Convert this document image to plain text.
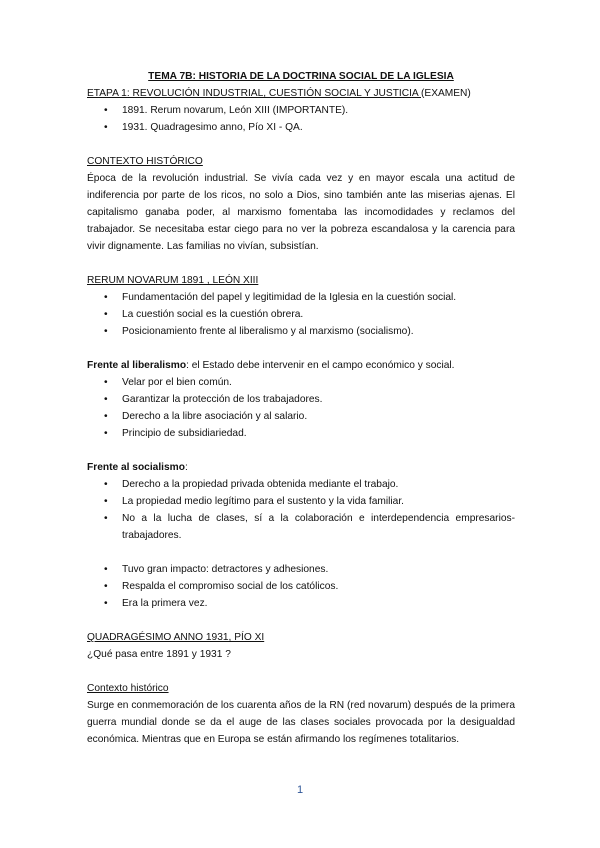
TEMA 7B: HISTORIA DE LA DOCTRINA SOCIAL DE LA IGLESIA

ETAPA 1: REVOLUCIÓN INDUSTRIAL, CUESTIÓN SOCIAL Y JUSTICIA (EXAMEN)

• 1891. Rerum novarum, León XIII (IMPORTANTE).
• 1931. Quadragesimo anno, Pío XI - QA.

CONTEXTO HISTÓRICO

Época de la revolución industrial. Se vivía cada vez y en mayor escala una actitud de indiferencia por parte de los ricos, no solo a Dios, sino también ante las miserias ajenas. El capitalismo ganaba poder, al marxismo fomentaba las incomodidades y reclamos del trabajador. Se necesitaba estar ciego para no ver la pobreza escandalosa y la carencia para vivir dignamente. Las familias no vivían, subsistían.

RERUM NOVARUM 1891 , LEÓN XIII

• Fundamentación del papel y legitimidad de la Iglesia en la cuestión social.
• La cuestión social es la cuestión obrera.
• Posicionamiento frente al liberalismo y al marxismo (socialismo).

Frente al liberalismo: el Estado debe intervenir en el campo económico y social.

• Velar por el bien común.
• Garantizar la protección de los trabajadores.
• Derecho a la libre asociación y al salario.
• Principio de subsidiariedad.

Frente al socialismo:

• Derecho a la propiedad privada obtenida mediante el trabajo.
• La propiedad medio legítimo para el sustento y la vida familiar.
• No a la lucha de clases, sí a la colaboración e interdependencia empresarios-trabajadores.
• Tuvo gran impacto: detractores y adhesiones.
• Respalda el compromiso social de los católicos.
• Era la primera vez.

QUADRAGÉSIMO ANNO 1931, PÍO XI

¿Qué pasa entre 1891 y 1931 ?

Contexto histórico

Surge en conmemoración de los cuarenta años de la RN (red novarum) después de la primera guerra mundial donde se da el auge de las clases sociales provocada por la desigualdad económica. Mientras que en Europa se están afirmando los regímenes totalitarios.

1
